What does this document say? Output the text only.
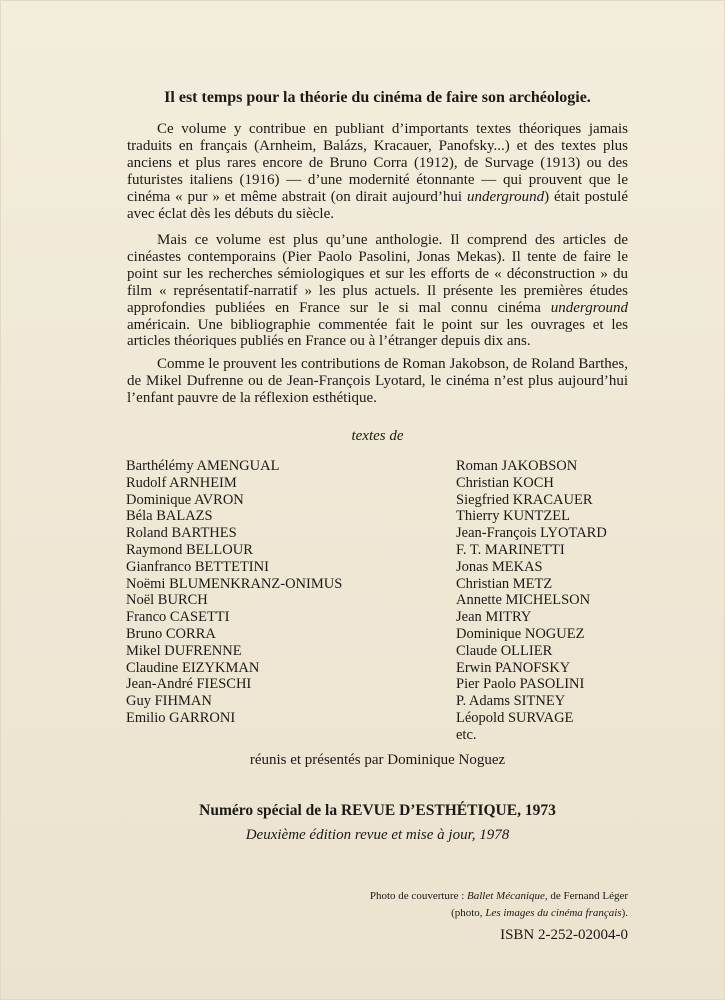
Il est temps pour la théorie du cinéma de faire son archéologie.

Ce volume y contribue en publiant d’importants textes théoriques jamais traduits en français (Arnheim, Balázs, Kracauer, Panofsky...) et des textes plus anciens et plus rares encore de Bruno Corra (1912), de Survage (1913) ou des futuristes italiens (1916) — d’une modernité étonnante — qui prouvent que le cinéma « pur » et même abstrait (on dirait aujourd’hui underground) était postulé avec éclat dès les débuts du siècle.

Mais ce volume est plus qu’une anthologie. Il comprend des articles de cinéastes contemporains (Pier Paolo Pasolini, Jonas Mekas). Il tente de faire le point sur les recherches sémiologiques et sur les efforts de « déconstruction » du film « représentatif-narratif » les plus actuels. Il présente les premières études approfondies publiées en France sur le si mal connu cinéma underground américain. Une bibliographie commentée fait le point sur les ouvrages et les articles théoriques publiés en France ou à l’étranger depuis dix ans.

Comme le prouvent les contributions de Roman Jakobson, de Roland Barthes, de Mikel Dufrenne ou de Jean-François Lyotard, le cinéma n’est plus aujourd’hui l’enfant pauvre de la réflexion esthétique.

textes de
Barthélémy AMENGUAL
Rudolf ARNHEIM
Dominique AVRON
Béla BALAZS
Roland BARTHES
Raymond BELLOUR
Gianfranco BETTETINI
Noëmi BLUMENKRANZ-ONIMUS
Noël BURCH
Franco CASETTI
Bruno CORRA
Mikel DUFRENNE
Claudine EIZYKMAN
Jean-André FIESCHI
Guy FIHMAN
Emilio GARRONI
Roman JAKOBSON
Christian KOCH
Siegfried KRACAUER
Thierry KUNTZEL
Jean-François LYOTARD
F. T. MARINETTI
Jonas MEKAS
Christian METZ
Annette MICHELSON
Jean MITRY
Dominique NOGUEZ
Claude OLLIER
Erwin PANOFSKY
Pier Paolo PASOLINI
P. Adams SITNEY
Léopold SURVAGE
etc.
réunis et présentés par Dominique Noguez
Numéro spécial de la REVUE D’ESTHÉTIQUE, 1973
Deuxième édition revue et mise à jour, 1978
Photo de couverture : Ballet Mécanique, de Fernand Léger
(photo, Les images du cinéma français).
ISBN 2-252-02004-0
